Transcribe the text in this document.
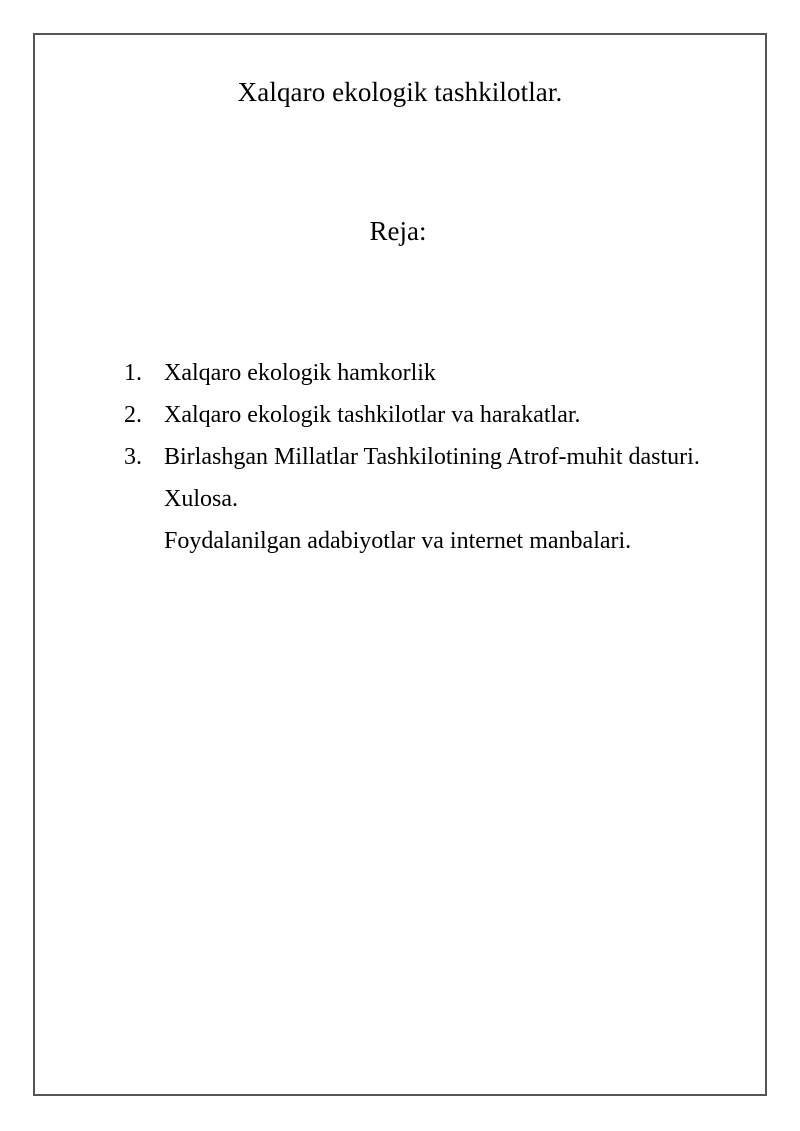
Xalqaro ekologik tashkilotlar.
Reja:
1. Xalqaro ekologik hamkorlik
2. Xalqaro ekologik tashkilotlar va harakatlar.
3. Birlashgan Millatlar Tashkilotining Atrof-muhit dasturi.
Xulosa.
Foydalanilgan adabiyotlar va internet manbalari.
